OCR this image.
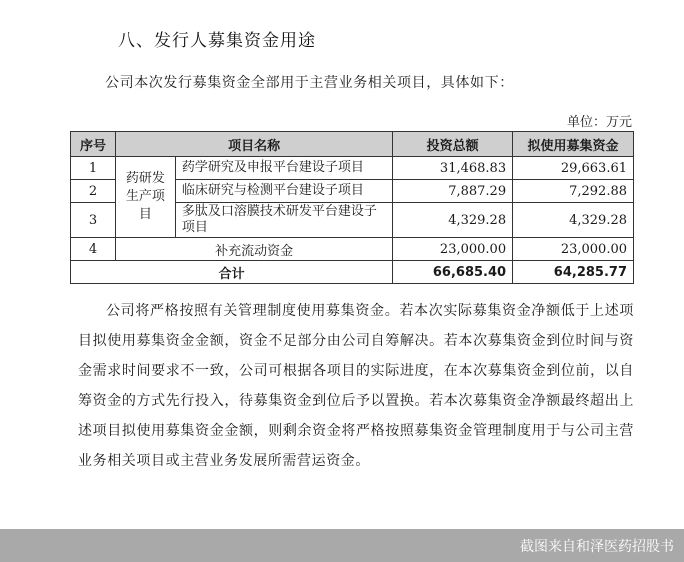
八、发行人募集资金用途
公司本次发行募集资金全部用于主营业务相关项目，具体如下：
单位：万元
序号	项目名称		投资总额	拟使用募集资金
1	药研发生产项目	药学研究及申报平台建设子项目	31,468.83	29,663.61
2		临床研究与检测平台建设子项目	7,887.29	7,292.88
3		多肽及口溶膜技术研发平台建设子项目	4,329.28	4,329.28
4	补充流动资金		23,000.00	23,000.00
合计			66,685.40	64,285.77

公司将严格按照有关管理制度使用募集资金。若本次实际募集资金净额低于上述项目拟使用募集资金金额，资金不足部分由公司自筹解决。若本次募集资金到位时间与资金需求时间要求不一致，公司可根据各项目的实际进度，在本次募集资金到位前，以自筹资金的方式先行投入，待募集资金到位后予以置换。若本次募集资金净额最终超出上述项目拟使用募集资金金额，则剩余资金将严格按照募集资金管理制度用于与公司主营业务相关项目或主营业务发展所需营运资金。

截图来自和泽医药招股书
